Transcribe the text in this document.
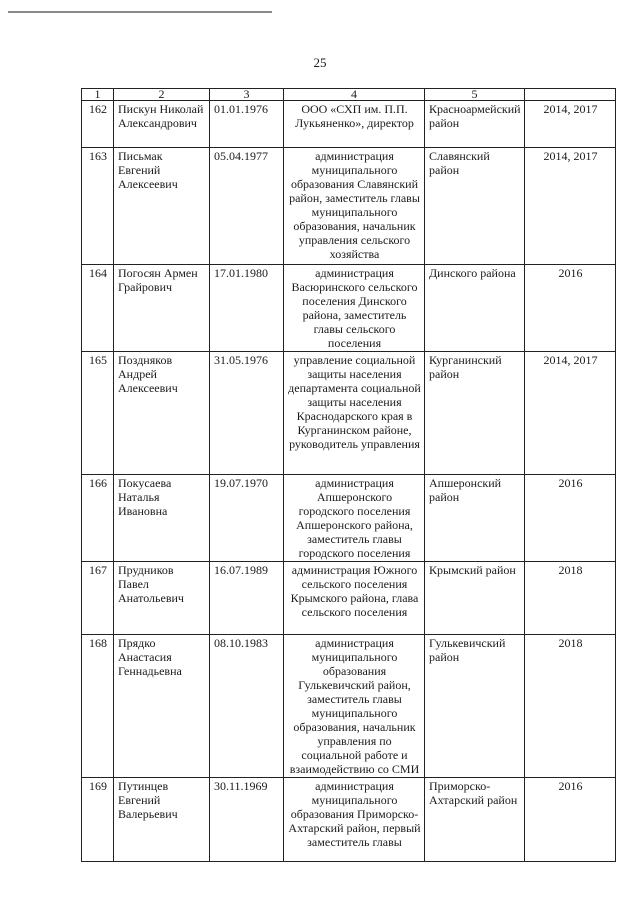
25
1	2	3	4	5	
162	Пискун Николай Александрович	01.01.1976	ООО «СХП им. П.П. Лукьяненко», директор	Красноармейский район	2014, 2017
163	Письмак Евгений Алексеевич	05.04.1977	администрация муниципального образования Славянский район, заместитель главы муниципального образования, начальник управления сельского хозяйства	Славянский район	2014, 2017
164	Погосян Армен Грайрович	17.01.1980	администрация Васюринского сельского поселения Динского района, заместитель главы сельского поселения	Динского района	2016
165	Поздняков Андрей Алексеевич	31.05.1976	управление социальной защиты населения департамента социальной защиты населения Краснодарского края в Курганинском районе, руководитель управления	Курганинский район	2014, 2017
166	Покусаева Наталья Ивановна	19.07.1970	администрация Апшеронского городского поселения Апшеронского района, заместитель главы городского поселения	Апшеронский район	2016
167	Прудников Павел Анатольевич	16.07.1989	администрация Южного сельского поселения Крымского района, глава сельского поселения	Крымский район	2018
168	Прядко Анастасия Геннадьевна	08.10.1983	администрация муниципального образования Гулькевичский район, заместитель главы муниципального образования, начальник управления по социальной работе и взаимодействию со СМИ	Гулькевичский район	2018
169	Путинцев Евгений Валерьевич	30.11.1969	администрация муниципального образования Приморско-Ахтарский район, первый заместитель главы	Приморско-Ахтарский район	2016
